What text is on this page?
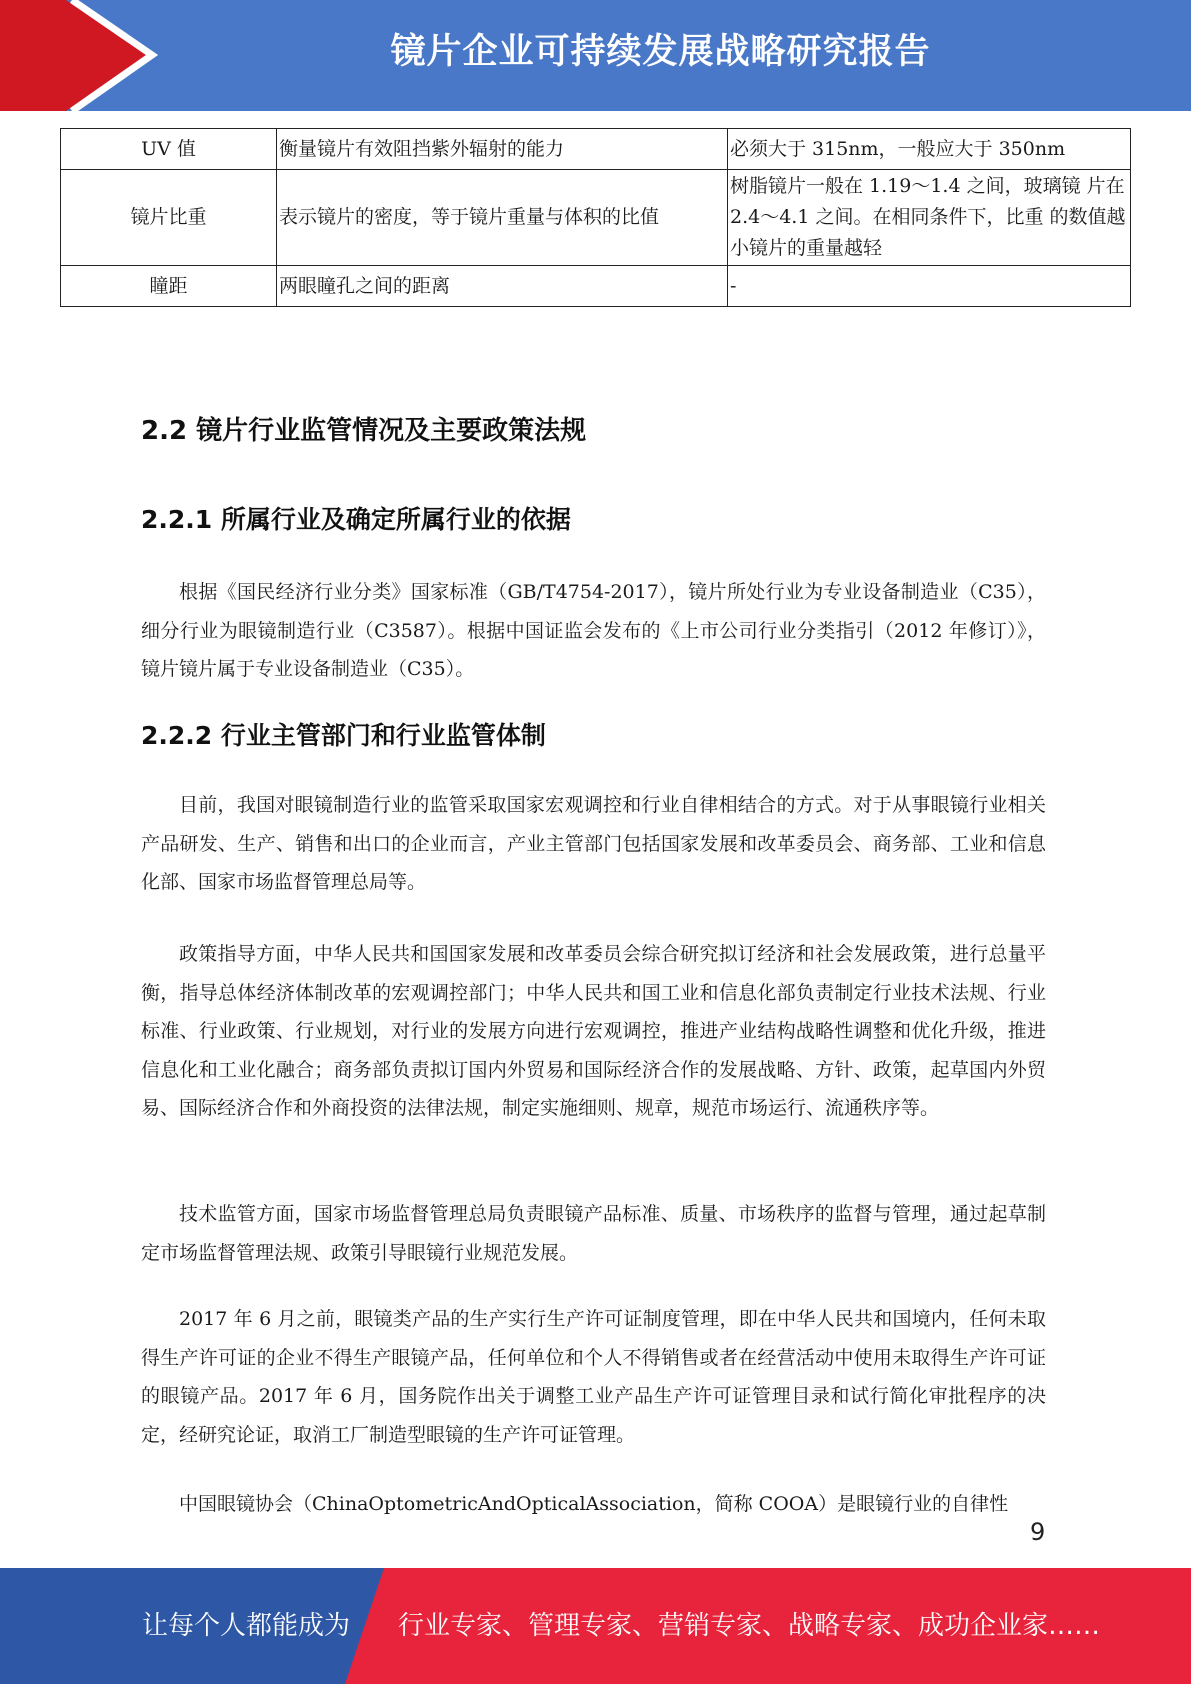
镜片企业可持续发展战略研究报告
UV 值	衡量镜片有效阻挡紫外辐射的能力	必须大于 315nm，一般应大于 350nm
镜片比重	表示镜片的密度，等于镜片重量与体积的比值	树脂镜片一般在 1.19～1.4 之间，玻璃镜 片在 2.4～4.1 之间。在相同条件下，比重 的数值越小镜片的重量越轻
瞳距	两眼瞳孔之间的距离	-
2.2 镜片行业监管情况及主要政策法规
2.2.1 所属行业及确定所属行业的依据

根据《国民经济行业分类》国家标准（GB/T4754-2017），镜片所处行业为专业设备制造业（C35），细分行业为眼镜制造行业（C3587）。根据中国证监会发布的《上市公司行业分类指引（2012 年修订）》，镜片镜片属于专业设备制造业（C35）。

2.2.2 行业主管部门和行业监管体制

目前，我国对眼镜制造行业的监管采取国家宏观调控和行业自律相结合的方式。对于从事眼镜行业相关产品研发、生产、销售和出口的企业而言，产业主管部门包括国家发展和改革委员会、商务部、工业和信息化部、国家市场监督管理总局等。

政策指导方面，中华人民共和国国家发展和改革委员会综合研究拟订经济和社会发展政策，进行总量平衡，指导总体经济体制改革的宏观调控部门；中华人民共和国工业和信息化部负责制定行业技术法规、行业标准、行业政策、行业规划，对行业的发展方向进行宏观调控，推进产业结构战略性调整和优化升级，推进信息化和工业化融合；商务部负责拟订国内外贸易和国际经济合作的发展战略、方针、政策，起草国内外贸易、国际经济合作和外商投资的法律法规，制定实施细则、规章，规范市场运行、流通秩序等。

技术监管方面，国家市场监督管理总局负责眼镜产品标准、质量、市场秩序的监督与管理，通过起草制定市场监督管理法规、政策引导眼镜行业规范发展。

2017 年 6 月之前，眼镜类产品的生产实行生产许可证制度管理，即在中华人民共和国境内，任何未取得生产许可证的企业不得生产眼镜产品，任何单位和个人不得销售或者在经营活动中使用未取得生产许可证的眼镜产品。2017 年 6 月，国务院作出关于调整工业产品生产许可证管理目录和试行简化审批程序的决定，经研究论证，取消工厂制造型眼镜的生产许可证管理。

中国眼镜协会（ChinaOptometricAndOpticalAssociation，简称 COOA）是眼镜行业的自律性

9
让每个人都能成为 行业专家、管理专家、营销专家、战略专家、成功企业家……
